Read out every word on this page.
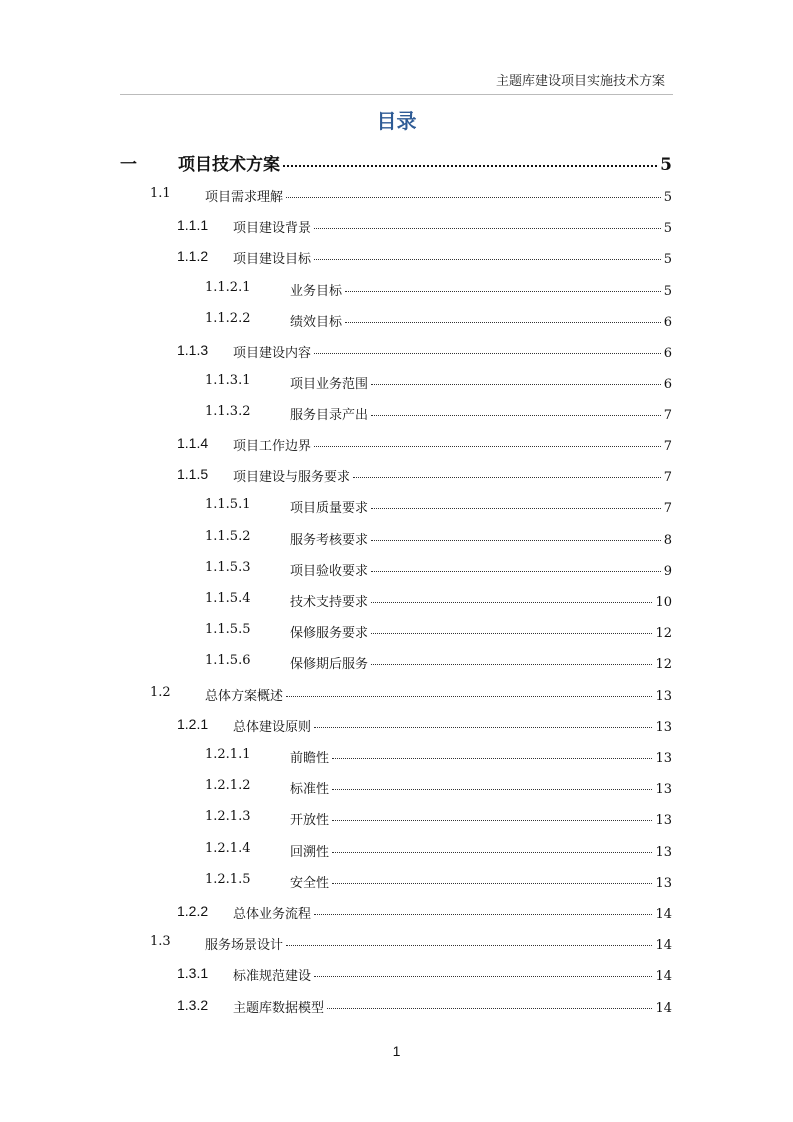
主题库建设项目实施技术方案
目录
一 项目技术方案	5
1.1	项目需求理解	5
1.1.1 项目建设背景	5
1.1.2 项目建设目标	5
1.1.2.1	业务目标	5
1.1.2.2	绩效目标	6
1.1.3 项目建设内容	6
1.1.3.1	项目业务范围	6
1.1.3.2	服务目录产出	7
1.1.4 项目工作边界	7
1.1.5 项目建设与服务要求	7
1.1.5.1	项目质量要求	7
1.1.5.2	服务考核要求	8
1.1.5.3	项目验收要求	9
1.1.5.4	技术支持要求	10
1.1.5.5	保修服务要求	12
1.1.5.6	保修期后服务	12
1.2	总体方案概述	13
1.2.1 总体建设原则	13
1.2.1.1	前瞻性	13
1.2.1.2	标准性	13
1.2.1.3	开放性	13
1.2.1.4	回溯性	13
1.2.1.5	安全性	13
1.2.2 总体业务流程	14
1.3	服务场景设计	14
1.3.1 标准规范建设	14
1.3.2 主题库数据模型	14
1
